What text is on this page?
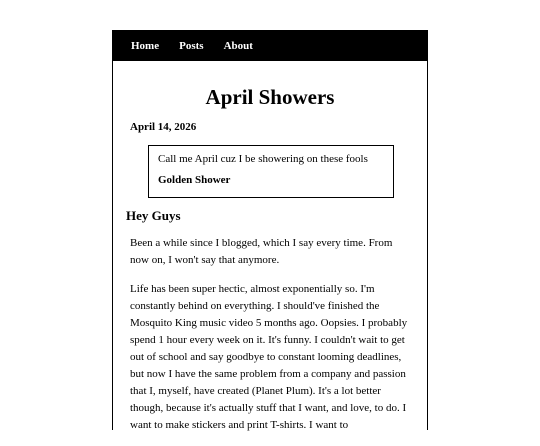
Home Posts About
April Showers
April 14, 2026

Call me April cuz I be showering on these fools

Golden Shower

Hey Guys

Been a while since I blogged, which I say every time. From now on, I won't say that anymore.

Life has been super hectic, almost exponentially so. I'm constantly behind on everything. I should've finished the Mosquito King music video 5 months ago. Oopsies. I probably spend 1 hour every week on it. It's funny. I couldn't wait to get out of school and say goodbye to constant looming deadlines, but now I have the same problem from a company and passion that I, myself, have created (Planet Plum). It's a lot better though, because it's actually stuff that I want, and love, to do. I want to make stickers and print T-shirts. I want to
